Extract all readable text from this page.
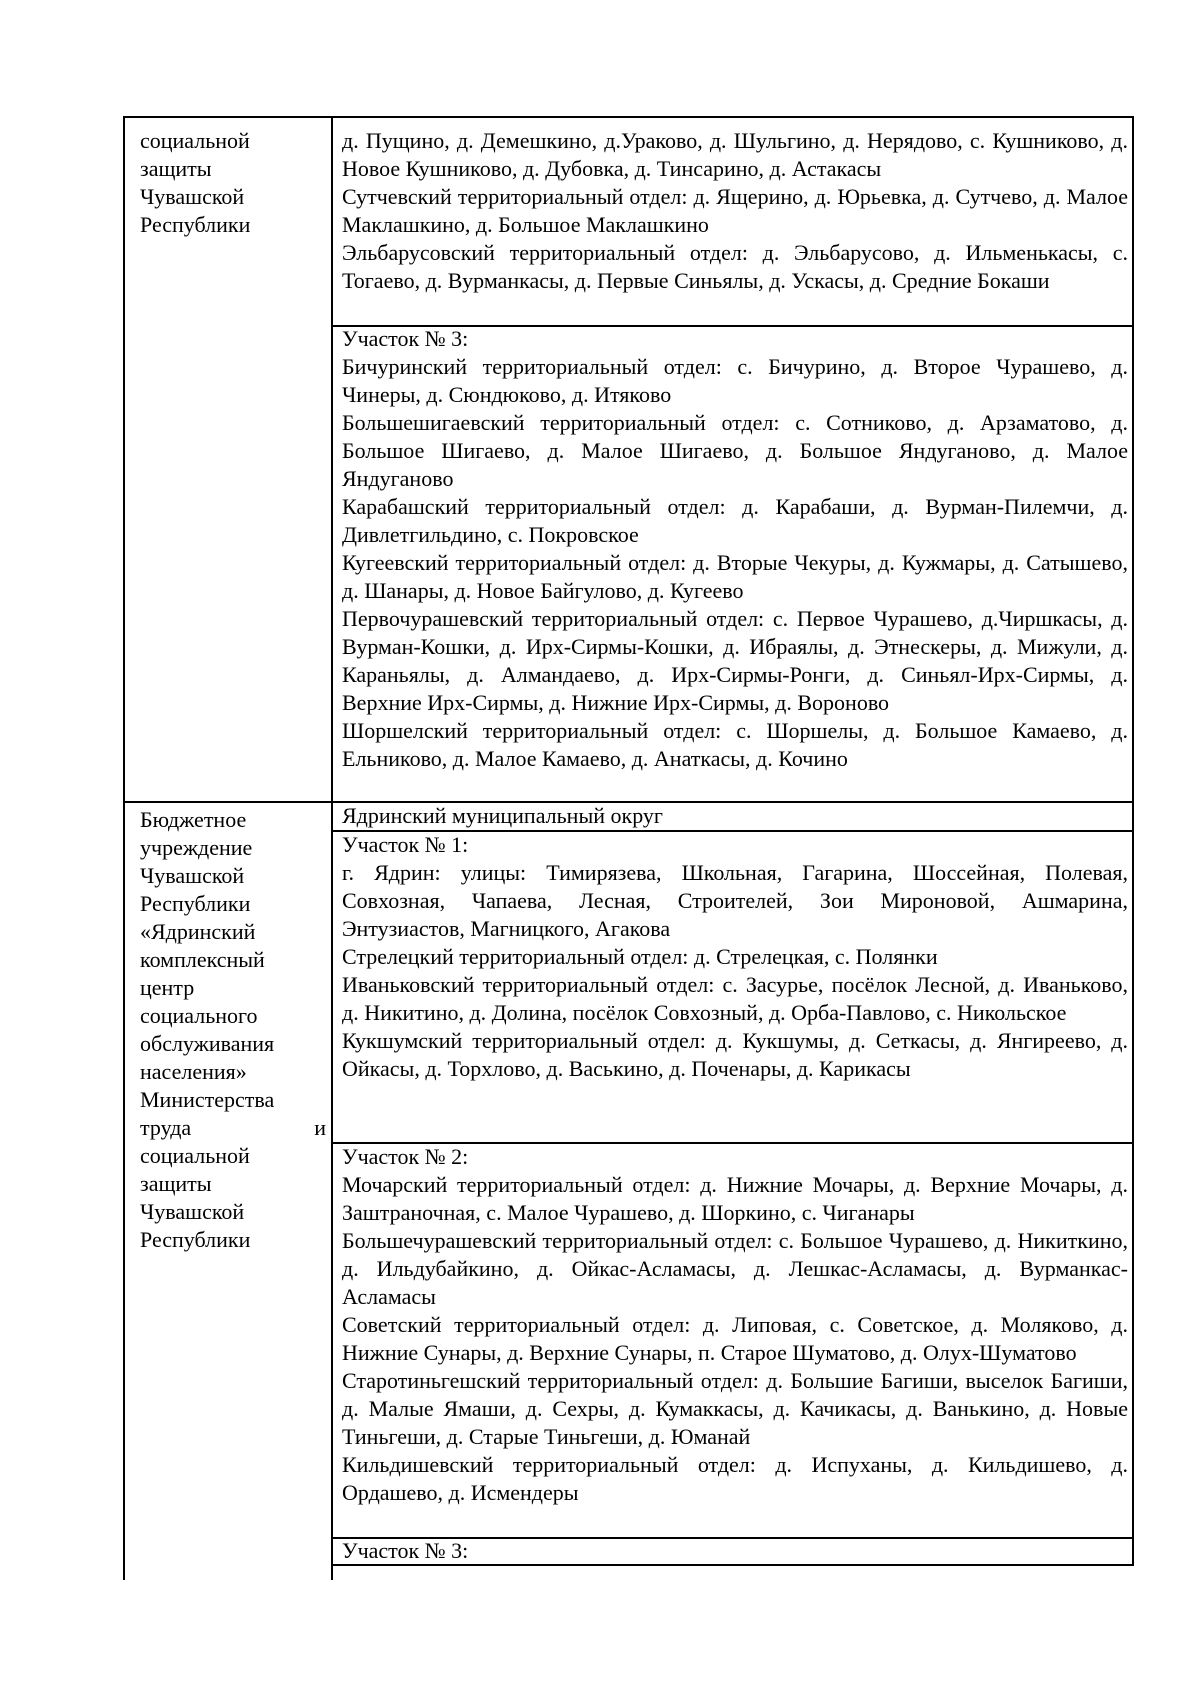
социальной
защиты
Чувашской
Республики
Бюджетное
учреждение
Чувашской
Республики
«Ядринский
комплексный
центр
социального
обслуживания
населения»
Министерства
труда	и
социальной
защиты
Чувашской
Республики

д. Пущино, д. Демешкино, д.Ураково, д. Шульгино, д. Нерядово, с. Кушниково, д. Новое Кушниково, д. Дубовка, д. Тинсарино, д. Астакасы

Сутчевский территориальный отдел: д. Ящерино, д. Юрьевка, д. Сутчево, д. Малое Маклашкино, д. Большое Маклашкино

Эльбарусовский территориальный отдел: д. Эльбарусово, д. Ильменькасы, с. Тогаево, д. Вурманкасы, д. Первые Синьялы, д. Ускасы, д. Средние Бокаши

Участок № 3:

Бичуринский территориальный отдел: с. Бичурино, д. Второе Чурашево, д. Чинеры, д. Сюндюково, д. Итяково

Большешигаевский территориальный отдел: с. Сотниково, д. Арзаматово, д. Большое Шигаево, д. Малое Шигаево, д. Большое Яндуганово, д. Малое Яндуганово

Карабашский территориальный отдел: д. Карабаши, д. Вурман-Пилемчи, д. Дивлетгильдино, с. Покровское

Кугеевский территориальный отдел: д. Вторые Чекуры, д. Кужмары, д. Сатышево, д. Шанары, д. Новое Байгулово, д. Кугеево

Первочурашевский территориальный отдел: с. Первое Чурашево, д.Чиршкасы, д. Вурман-Кошки, д. Ирх-Сирмы-Кошки, д. Ибраялы, д. Этнескеры, д. Мижули, д. Караньялы, д. Алмандаево, д. Ирх-Сирмы-Ронги, д. Синьял-Ирх-Сирмы, д. Верхние Ирх-Сирмы, д. Нижние Ирх-Сирмы, д. Вороново

Шоршелский территориальный отдел: с. Шоршелы, д. Большое Камаево, д. Ельниково, д. Малое Камаево, д. Анаткасы, д. Кочино

Ядринский муниципальный округ

Участок № 1:

г. Ядрин: улицы: Тимирязева, Школьная, Гагарина, Шоссейная, Полевая, Совхозная, Чапаева, Лесная, Строителей, Зои Мироновой, Ашмарина, Энтузиастов, Магницкого, Агакова

Стрелецкий территориальный отдел: д. Стрелецкая, с. Полянки

Иваньковский территориальный отдел: с. Засурье, посёлок Лесной, д. Иваньково, д. Никитино, д. Долина, посёлок Совхозный, д. Орба-Павлово, с. Никольское

Кукшумский территориальный отдел: д. Кукшумы, д. Сеткасы, д. Янгиреево, д. Ойкасы, д. Торхлово, д. Васькино, д. Поченары, д. Карикасы

Участок № 2:

Мочарский территориальный отдел: д. Нижние Мочары, д. Верхние Мочары, д. Заштраночная, с. Малое Чурашево, д. Шоркино, с. Чиганары

Большечурашевский территориальный отдел: с. Большое Чурашево, д. Никиткино, д. Ильдубайкино, д. Ойкас-Асламасы, д. Лешкас-Асламасы, д. Вурманкас-Асламасы

Советский территориальный отдел: д. Липовая, с. Советское, д. Моляково, д. Нижние Сунары, д. Верхние Сунары, п. Старое Шуматово, д. Олух-Шуматово

Старотиньгешский территориальный отдел: д. Большие Багиши, выселок Багиши, д. Малые Ямаши, д. Сехры, д. Кумаккасы, д. Качикасы, д. Ванькино, д. Новые Тиньгеши, д. Старые Тиньгеши, д. Юманай

Кильдишевский территориальный отдел: д. Испуханы, д. Кильдишево, д. Ордашево, д. Исмендеры

Участок № 3:
